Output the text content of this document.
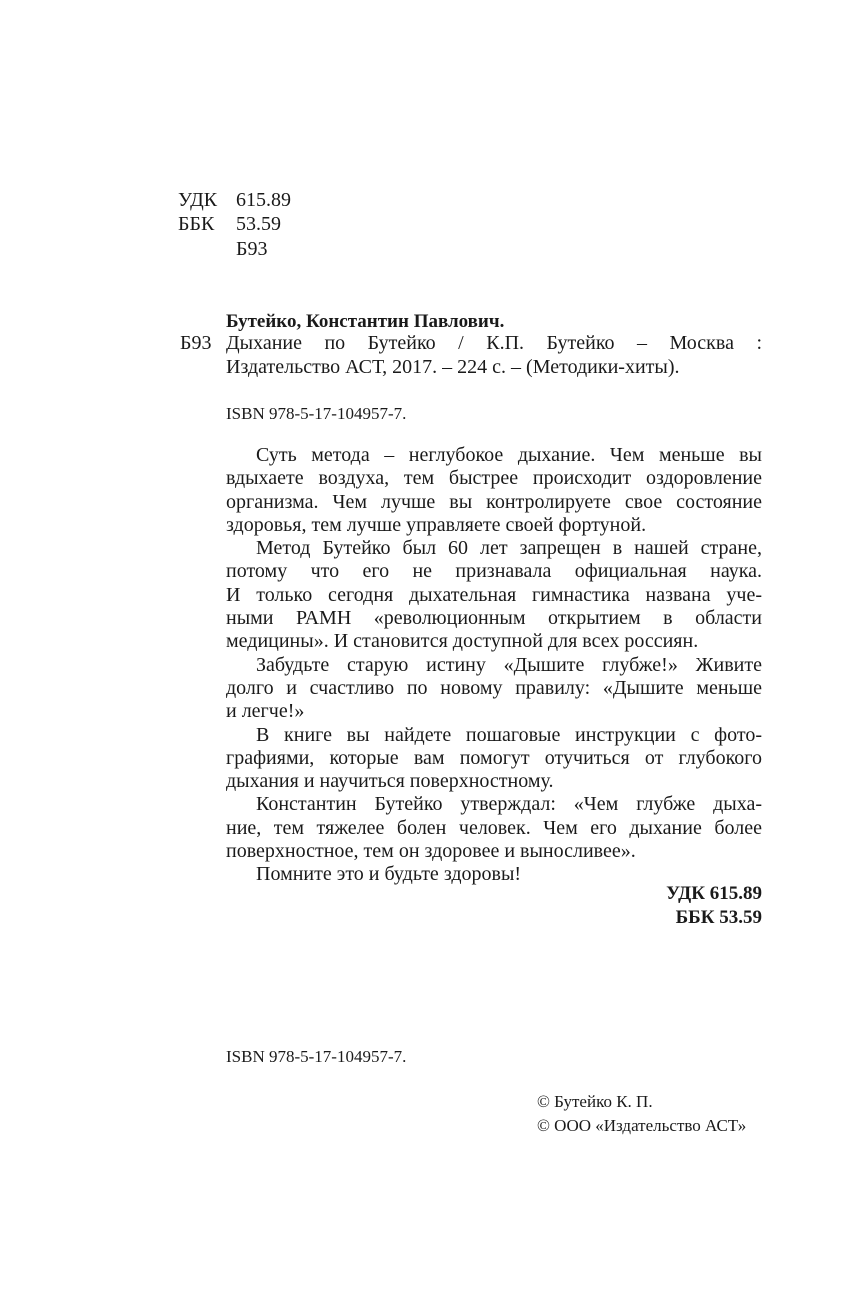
УДК 615.89
ББК 53.59
Б93
Бутейко, Константин Павлович.
Б93 Дыхание по Бутейко / К.П. Бутейко – Москва :
Издательство АСТ, 2017. – 224 с. – (Методики-хиты).
ISBN 978-5-17-104957-7.
Суть метода – неглубокое дыхание. Чем меньше вы
вдыхаете воздуха, тем быстрее происходит оздоровление
организма. Чем лучше вы контролируете свое состояние
здоровья, тем лучше управляете своей фортуной.
Метод Бутейко был 60 лет запрещен в нашей стране,
потому что его не признавала официальная наука.
И только сегодня дыхательная гимнастика названа уче-
ными РАМН «революционным открытием в области
медицины». И становится доступной для всех россиян.
Забудьте старую истину «Дышите глубже!» Живите
долго и счастливо по новому правилу: «Дышите меньше
и легче!»
В книге вы найдете пошаговые инструкции с фото-
графиями, которые вам помогут отучиться от глубокого
дыхания и научиться поверхностному.
Константин Бутейко утверждал: «Чем глубже дыха-
ние, тем тяжелее болен человек. Чем его дыхание более
поверхностное, тем он здоровее и выносливее».
Помните это и будьте здоровы!
УДК 615.89
ББК 53.59
ISBN 978-5-17-104957-7.
© Бутейко К. П.
© ООО «Издательство АСТ»
